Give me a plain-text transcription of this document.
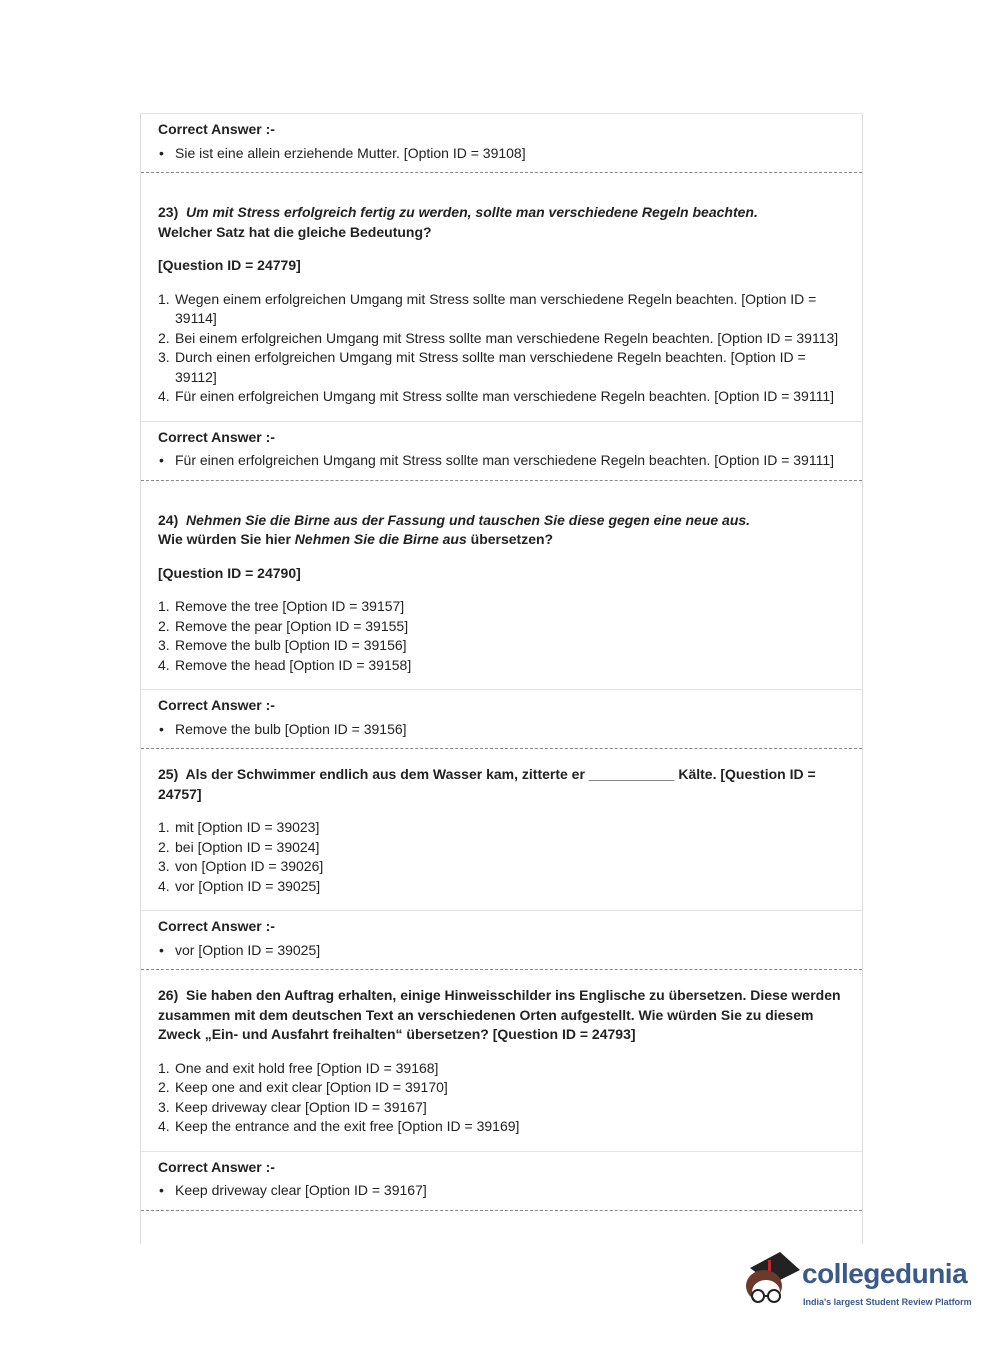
Correct Answer :-
• Sie ist eine allein erziehende Mutter. [Option ID = 39108]
23) Um mit Stress erfolgreich fertig zu werden, sollte man verschiedene Regeln beachten.
Welcher Satz hat die gleiche Bedeutung?
[Question ID = 24779]
1. Wegen einem erfolgreichen Umgang mit Stress sollte man verschiedene Regeln beachten. [Option ID = 39114]
2. Bei einem erfolgreichen Umgang mit Stress sollte man verschiedene Regeln beachten. [Option ID = 39113]
3. Durch einen erfolgreichen Umgang mit Stress sollte man verschiedene Regeln beachten. [Option ID = 39112]
4. Für einen erfolgreichen Umgang mit Stress sollte man verschiedene Regeln beachten. [Option ID = 39111]
Correct Answer :-
• Für einen erfolgreichen Umgang mit Stress sollte man verschiedene Regeln beachten. [Option ID = 39111]
24) Nehmen Sie die Birne aus der Fassung und tauschen Sie diese gegen eine neue aus.
Wie würden Sie hier Nehmen Sie die Birne aus übersetzen?
[Question ID = 24790]
1. Remove the tree [Option ID = 39157]
2. Remove the pear [Option ID = 39155]
3. Remove the bulb [Option ID = 39156]
4. Remove the head [Option ID = 39158]
Correct Answer :-
• Remove the bulb [Option ID = 39156]
25) Als der Schwimmer endlich aus dem Wasser kam, zitterte er ___________ Kälte. [Question ID = 24757]
1. mit [Option ID = 39023]
2. bei [Option ID = 39024]
3. von [Option ID = 39026]
4. vor [Option ID = 39025]
Correct Answer :-
• vor [Option ID = 39025]
26) Sie haben den Auftrag erhalten, einige Hinweisschilder ins Englische zu übersetzen. Diese werden zusammen mit dem deutschen Text an verschiedenen Orten aufgestellt. Wie würden Sie zu diesem Zweck „Ein- und Ausfahrt freihalten“ übersetzen? [Question ID = 24793]
1. One and exit hold free [Option ID = 39168]
2. Keep one and exit clear [Option ID = 39170]
3. Keep driveway clear [Option ID = 39167]
4. Keep the entrance and the exit free [Option ID = 39169]
Correct Answer :-
• Keep driveway clear [Option ID = 39167]
collegedunia
India's largest Student Review Platform
